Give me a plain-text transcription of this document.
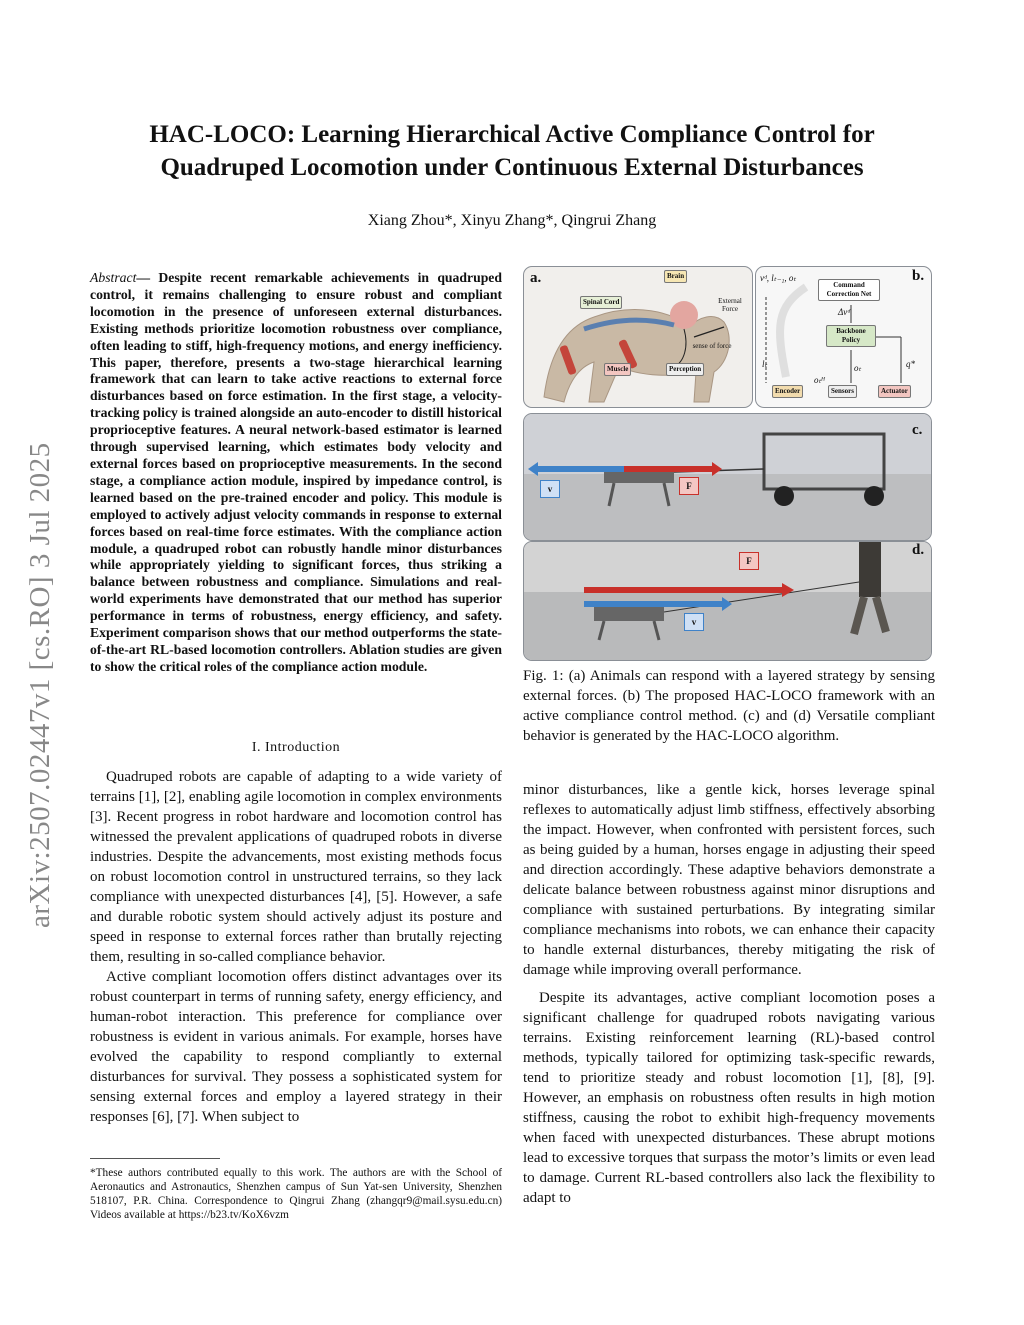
HAC-LOCO: Learning Hierarchical Active Compliance Control for
Quadruped Locomotion under Continuous External Disturbances
Xiang Zhou*, Xinyu Zhang*, Qingrui Zhang
arXiv:2507.02447v1 [cs.RO] 3 Jul 2025
Abstract— Despite recent remarkable achievements in quadruped control, it remains challenging to ensure robust and compliant locomotion in the presence of unforeseen external disturbances. Existing methods prioritize locomotion robustness over compliance, often leading to stiff, high-frequency motions, and energy inefficiency. This paper, therefore, presents a two-stage hierarchical learning framework that can learn to take active reactions to external force disturbances based on force estimation. In the first stage, a velocity-tracking policy is trained alongside an auto-encoder to distill historical proprioceptive features. A neural network-based estimator is learned through supervised learning, which estimates body velocity and external forces based on proprioceptive measurements. In the second stage, a compliance action module, inspired by impedance control, is learned based on the pre-trained encoder and policy. This module is employed to actively adjust velocity commands in response to external forces based on real-time force estimates. With the compliance action module, a quadruped robot can robustly handle minor disturbances while appropriately yielding to significant forces, thus striking a balance between robustness and compliance. Simulations and real-world experiments have demonstrated that our method has superior performance in terms of robustness, energy efficiency, and safety. Experiment comparison shows that our method outperforms the state-of-the-art RL-based locomotion controllers. Ablation studies are given to show the critical roles of the compliance action module.
I. Introduction

Quadruped robots are capable of adapting to a wide variety of terrains [1], [2], enabling agile locomotion in complex environments [3]. Recent progress in robot hardware and locomotion control has witnessed the prevalent applications of quadruped robots in diverse industries. Despite the advancements, most existing methods focus on robust locomotion control in unstructured terrains, so they lack compliance with unexpected disturbances [4], [5]. However, a safe and durable robotic system should actively adjust its posture and speed in response to external forces rather than brutally rejecting them, resulting in so-called compliance behavior.

Active compliant locomotion offers distinct advantages over its robust counterpart in terms of running safety, energy efficiency, and human-robot interaction. This preference for compliance over robustness is evident in various animals. For example, horses have evolved the capability to respond compliantly to external disturbances for survival. They possess a sophisticated system for sensing external forces and employ a layered strategy in their responses [6], [7]. When subject to

*These authors contributed equally to this work. The authors are with the School of Aeronautics and Astronautics, Shenzhen campus of Sun Yat-sen University, Shenzhen 518107, P.R. China. Correspondence to Qingrui Zhang (zhangqr9@mail.sysu.edu.cn) Videos available at https://b23.tv/KoX6vzm
a.	Brain
Spinal Cord	External Force
sense of force
Muscle	Perception
vᵈ, lₜ₋₁, oₜ	b.
Command Correction Net
Δvᵈ
Backbone Policy
lₜ	oₜ	q*
oₜᴴ
Encoder	Sensors	Actuator
c.
v	F
d.
F
v
Fig. 1: (a) Animals can respond with a layered strategy by sensing external forces. (b) The proposed HAC-LOCO framework with an active compliance control method. (c) and (d) Versatile compliant behavior is generated by the HAC-LOCO algorithm.

minor disturbances, like a gentle kick, horses leverage spinal reflexes to automatically adjust limb stiffness, effectively absorbing the impact. However, when confronted with persistent forces, such as being guided by a human, horses engage in adjusting their speed and direction accordingly. These adaptive behaviors demonstrate a delicate balance between robustness against minor disruptions and compliance with sustained perturbations. By integrating similar compliance mechanisms into robots, we can enhance their capacity to handle external disturbances, thereby mitigating the risk of damage while improving overall performance.

Despite its advantages, active compliant locomotion poses a significant challenge for quadruped robots navigating various terrains. Existing reinforcement learning (RL)-based control methods, typically tailored for optimizing task-specific rewards, tend to prioritize steady and robust locomotion [1], [8], [9]. However, an emphasis on robustness often results in high motion stiffness, causing the robot to exhibit high-frequency movements when faced with unexpected disturbances. These abrupt motions lead to excessive torques that surpass the motor’s limits or even lead to damage. Current RL-based controllers also lack the flexibility to adapt to
